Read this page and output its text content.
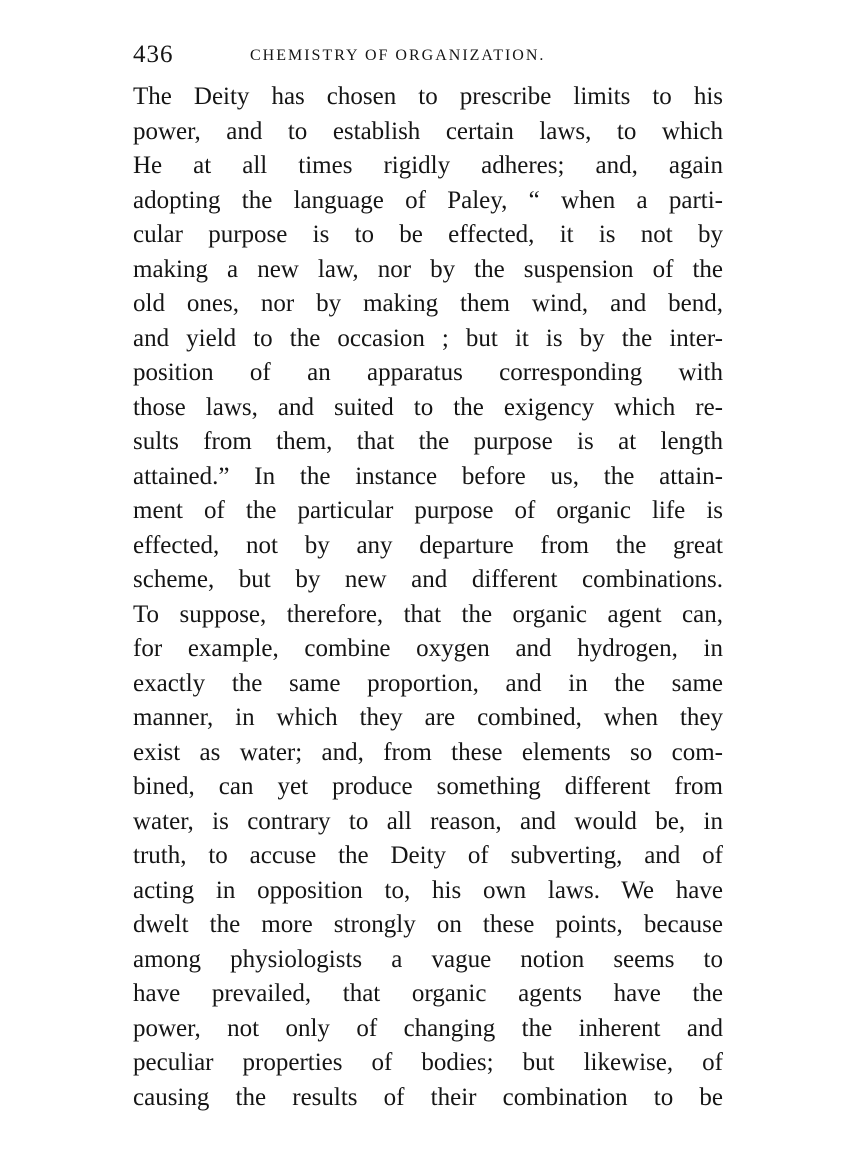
436	CHEMISTRY OF ORGANIZATION.
The Deity has chosen to prescribe limits to his
power, and to establish certain laws, to which
He at all times rigidly adheres; and, again
adopting the language of Paley, “ when a parti-
cular purpose is to be effected, it is not by
making a new law, nor by the suspension of the
old ones, nor by making them wind, and bend,
and yield to the occasion ; but it is by the inter-
position of an apparatus corresponding with
those laws, and suited to the exigency which re-
sults from them, that the purpose is at length
attained.” In the instance before us, the attain-
ment of the particular purpose of organic life is
effected, not by any departure from the great
scheme, but by new and different combinations.
To suppose, therefore, that the organic agent can,
for example, combine oxygen and hydrogen, in
exactly the same proportion, and in the same
manner, in which they are combined, when they
exist as water; and, from these elements so com-
bined, can yet produce something different from
water, is contrary to all reason, and would be, in
truth, to accuse the Deity of subverting, and of
acting in opposition to, his own laws. We have
dwelt the more strongly on these points, because
among physiologists a vague notion seems to
have prevailed, that organic agents have the
power, not only of changing the inherent and
peculiar properties of bodies; but likewise, of
causing the results of their combination to be
